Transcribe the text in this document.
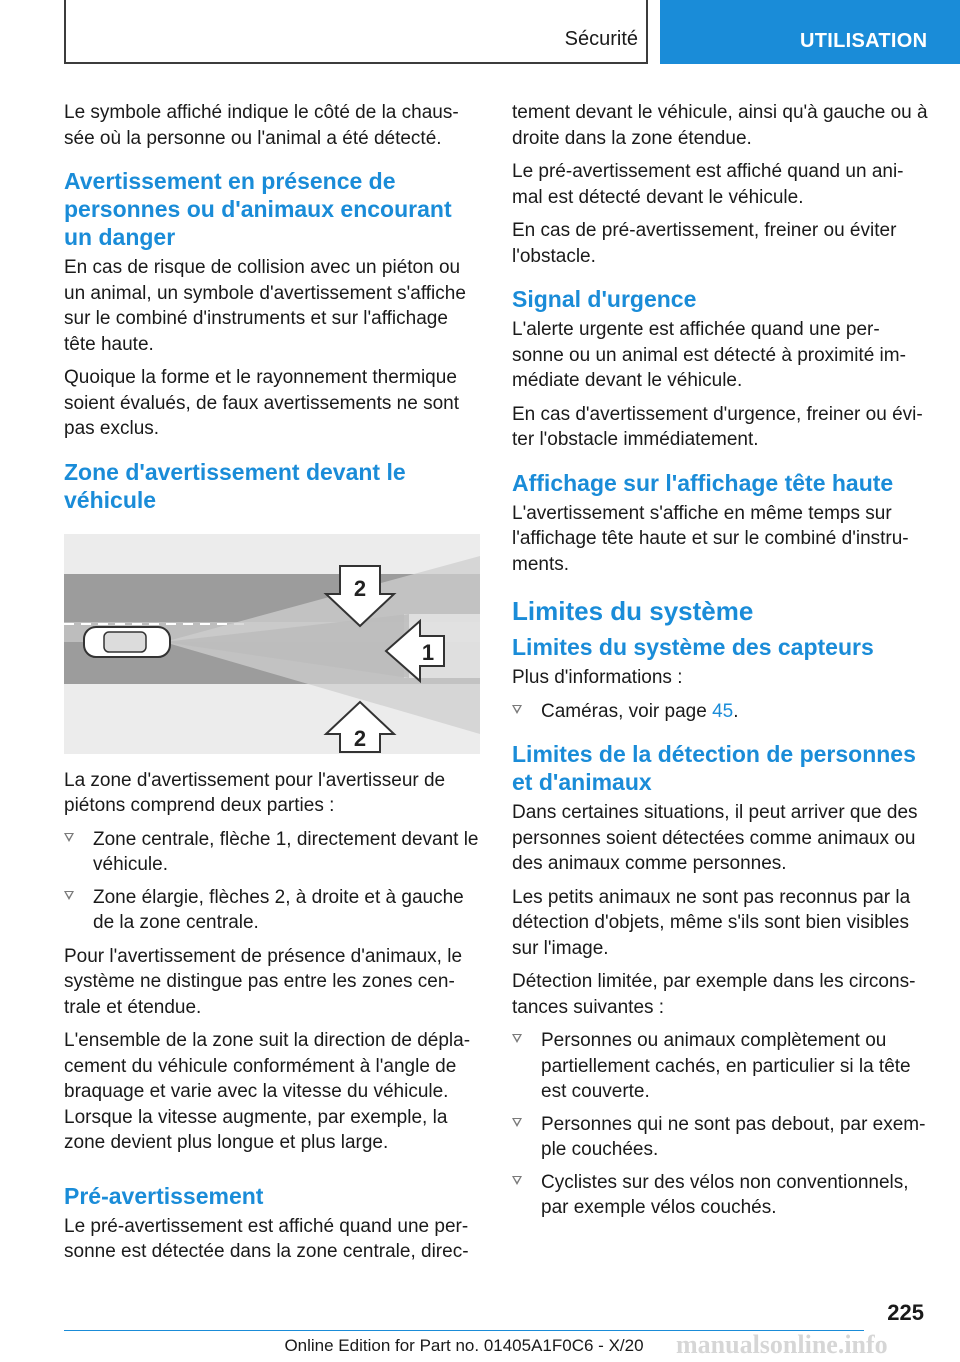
Sécurité	UTILISATION

Le symbole affiché indique le côté de la chaus-sée où la personne ou l'animal a été détecté.

Avertissement en présence de personnes ou d'animaux encourant un danger

En cas de risque de collision avec un piéton ou un animal, un symbole d'avertissement s'affiche sur le combiné d'instruments et sur l'affichage tête haute.

Quoique la forme et le rayonnement thermique soient évalués, de faux avertissements ne sont pas exclus.

Zone d'avertissement devant le véhicule
2
1
2

La zone d'avertissement pour l'avertisseur de piétons comprend deux parties :

Zone centrale, flèche 1, directement devant le véhicule.
Zone élargie, flèches 2, à droite et à gauche de la zone centrale.

Pour l'avertissement de présence d'animaux, le système ne distingue pas entre les zones cen-trale et étendue.

L'ensemble de la zone suit la direction de dépla-cement du véhicule conformément à l'angle de braquage et varie avec la vitesse du véhicule. Lorsque la vitesse augmente, par exemple, la zone devient plus longue et plus large.

Pré-avertissement

Le pré-avertissement est affiché quand une per-sonne est détectée dans la zone centrale, direc-

tement devant le véhicule, ainsi qu'à gauche ou à droite dans la zone étendue.

Le pré-avertissement est affiché quand un ani-mal est détecté devant le véhicule.

En cas de pré-avertissement, freiner ou éviter l'obstacle.

Signal d'urgence

L'alerte urgente est affichée quand une per-sonne ou un animal est détecté à proximité im-médiate devant le véhicule.

En cas d'avertissement d'urgence, freiner ou évi-ter l'obstacle immédiatement.

Affichage sur l'affichage tête haute

L'avertissement s'affiche en même temps sur l'affichage tête haute et sur le combiné d'instru-ments.

Limites du système
Limites du système des capteurs

Plus d'informations :

Caméras, voir page 45.
Limites de la détection de personnes et d'animaux

Dans certaines situations, il peut arriver que des personnes soient détectées comme animaux ou des animaux comme personnes.

Les petits animaux ne sont pas reconnus par la détection d'objets, même s'ils sont bien visibles sur l'image.

Détection limitée, par exemple dans les circons-tances suivantes :

Personnes ou animaux complètement ou partiellement cachés, en particulier si la tête est couverte.
Personnes qui ne sont pas debout, par exem-ple couchées.
Cyclistes sur des vélos non conventionnels, par exemple vélos couchés.
225
Online Edition for Part no. 01405A1F0C6 - X/20	manualsonline.info
